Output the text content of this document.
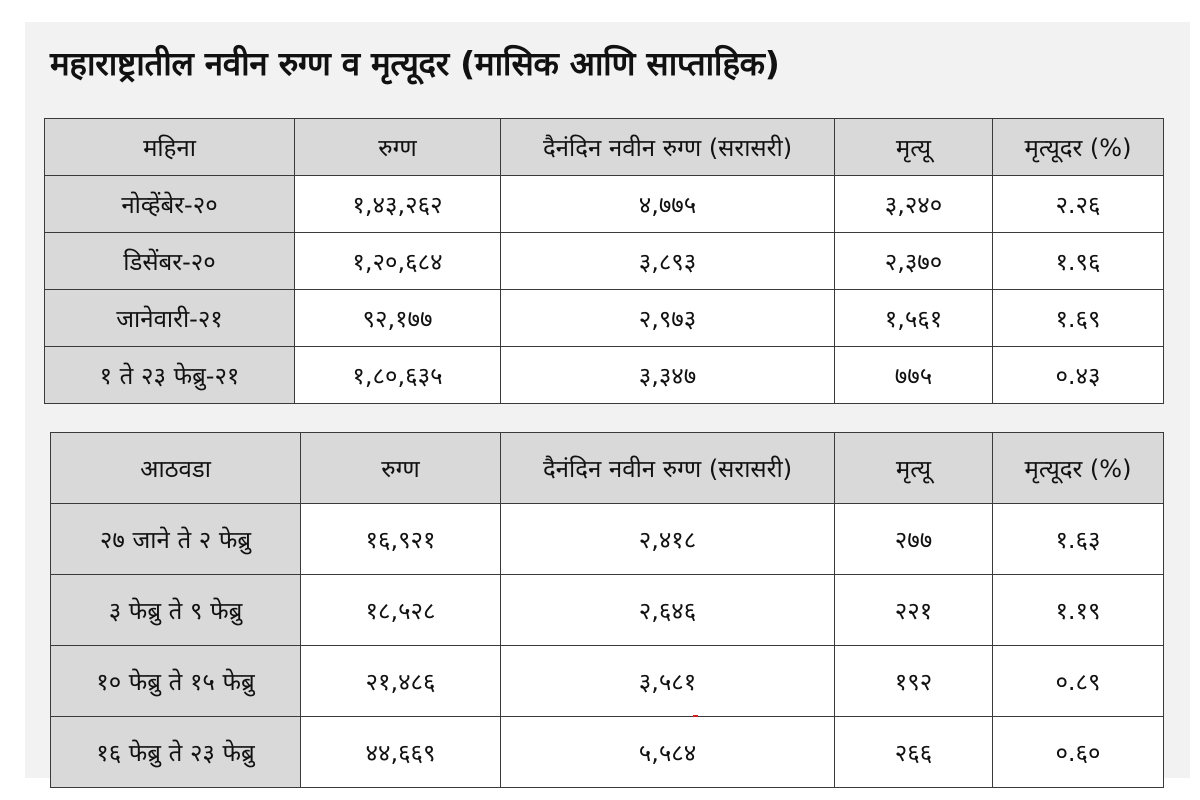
महाराष्ट्रातील नवीन रुग्ण व मृत्यूदर (मासिक आणि साप्ताहिक)
महिना	रुग्ण	दैनंदिन नवीन रुग्ण (सरासरी)	मृत्यू	मृत्यूदर (%)
नोव्हेंबेर-२०	१,४३,२६२	४,७७५	३,२४०	२.२६
डिसेंबर-२०	१,२०,६८४	३,८९३	२,३७०	१.९६
जानेवारी-२१	९२,१७७	२,९७३	१,५६१	१.६९
१ ते २३ फेब्रु-२१	१,८०,६३५	३,३४७	७७५	०.४३
आठवडा	रुग्ण	दैनंदिन नवीन रुग्ण (सरासरी)	मृत्यू	मृत्यूदर (%)
२७ जाने ते २ फेब्रु	१६,९२१	२,४१८	२७७	१.६३
३ फेब्रु ते ९ फेब्रु	१८,५२८	२,६४६	२२१	१.१९
१० फेब्रु ते १५ फेब्रु	२१,४८६	३,५८१	१९२	०.८९
१६ फेब्रु ते २३ फेब्रु	४४,६६९	५,५८४	२६६	०.६०
